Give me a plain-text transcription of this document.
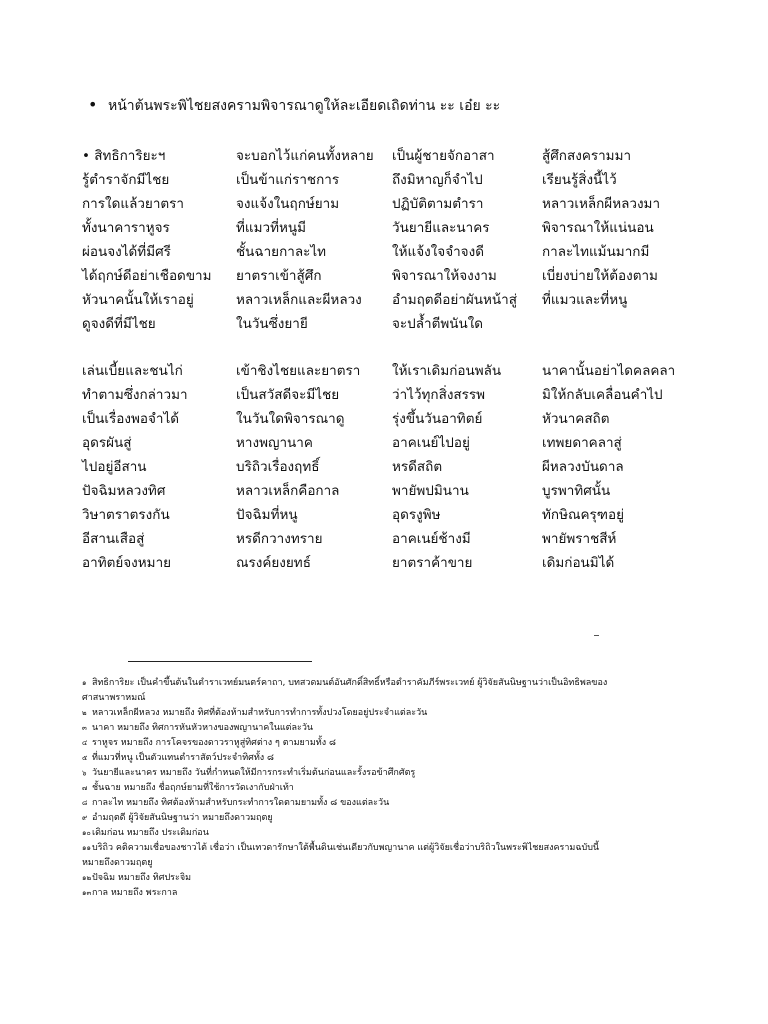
• หน้าต้นพระพิไชยสงครามพิจารณาดูให้ละเอียดเถิดท่าน ะะ เอ๋ย ะะ
• สิทธิการิยะฯ
รู้ตำราจักมีไชย
การใดแล้วยาตรา
ทั้งนาคาราหูจร
ผ่อนจงได้ที่มีศรี
ได้ฤกษ์ดีอย่าเชือดขาม
หัวนาคนั้นให้เราอยู่
ดูจงดีที่มีไชย
จะบอกไว้แก่คนทั้งหลาย
เป็นข้าแก่ราชการ
จงแจ้งในฤกษ์ยาม
ที่แมวที่หนูมี
ชั้นฉายกาละไท
ยาตราเข้าสู้ศึก
หลาวเหล็กและผีหลวง
ในวันซึ่งยายี
เป็นผู้ชายจักอาสา
ถึงมิหาญก็จำไป
ปฏิบัติตามตำรา
วันยายีและนาคร
ให้แจ้งใจจำจงดี
พิจารณาให้จงงาม
อำมฤตดีอย่าผันหน้าสู่
จะปล้ำตีพนันใด
สู้ศึกสงครามมา
เรียนรู้สิ่งนี้ไว้
หลาวเหล็กผีหลวงมา
พิจารณาให้แน่นอน
กาละไทแม้นมากมี
เบี่ยงบ่ายให้ต้องตาม
ที่แมวและที่หนู
เล่นเบี้ยและชนไก่
ทำตามซึ่งกล่าวมา
เป็นเรื่องพอจำได้
อุดรผันสู่
ไปอยู่อีสาน
ปัจฉิมหลวงทิศ
วิษาตราตรงกัน
อีสานเสือสู่
อาทิตย์จงหมาย
เข้าชิงไชยและยาตรา
เป็นสวัสดีจะมีไชย
ในวันใดพิจารณาดู
หางพญานาค
บริถิวเรื่องฤทธิ์
หลาวเหล็กคือกาล
ปัจฉิมที่หนู
หรดีกวางทราย
ณรงค์ยงยทธ์
ให้เราเดิมก่อนพลัน
ว่าไว้ทุกสิ่งสรรพ
รุ่งขึ้นวันอาทิตย์
อาคเนย์ไปอยู่
หรดีสถิต
พายัพปมินาน
อุดรงูพิษ
อาคเนย์ช้างมี
ยาตราค้าขาย
นาคานั้นอย่าไดคลคลา
มิให้กลับเคลื่อนคำไป
หัวนาคสถิต
เทพยดาคลาสู่
ผีหลวงบันดาล
บูรพาทิศนั้น
ทักษิณครุฑอยู่
พายัพราชสีห์
เดิมก่อนมิได้
๑ สิทธิการิยะ เป็นคำขึ้นต้นในตำราเวทย์มนตร์คาถา, บทสวดมนต์อันศักดิ์สิทธิ์หรือตำราคัมภีร์พระเวทย์ ผู้วิจัยสันนิษฐานว่าเป็นอิทธิพลของ
ศาสนาพราหมณ์
๒ หลาวเหล็กผีหลวง หมายถึง ทิศที่ต้องห้ามสำหรับการทำการทั้งปวงโดยอยู่ประจำแต่ละวัน
๓ นาคา หมายถึง ทิศการหันหัวหางของพญานาคในแต่ละวัน
๔ ราหูจร หมายถึง การโคจรของดาวราหูสู่ทิศต่าง ๆ ตามยามทั้ง ๘
๕ ที่แมวที่หนู เป็นตัวแทนตำราสัตว์ประจำทิศทั้ง ๘
๖ วันยายีและนาคร หมายถึง วันที่กำหนดให้มีการกระทำเริ่มต้นก่อนและรั้งรอข้าศึกศัตรู
๗ ชั้นฉาย หมายถึง ชื่อฤกษ์ยามที่ใช้การวัดเงากับฝ่าเท้า
๘ กาละไท หมายถึง ทิศต้องห้ามสำหรับกระทำการใดตามยามทั้ง ๘ ของแต่ละวัน
๙ อำมฤตดี ผู้วิจัยสันนิษฐานว่า หมายถึงดาวมฤตยู
๑๐เดิมก่อน หมายถึง ประเดิมก่อน
๑๑บริถิว คติความเชื่อของชาวไต้ เชื่อว่า เป็นเทวดารักษาใต้พื้นดินเช่นเดียวกับพญานาค แต่ผู้วิจัยเชื่อว่าบริถิวในพระพิไชยสงครามฉบับนี้
หมายถึงดาวมฤตยู
๑๒ปัจฉิม หมายถึง ทิศประจิม
๑๓กาล หมายถึง พระกาล
